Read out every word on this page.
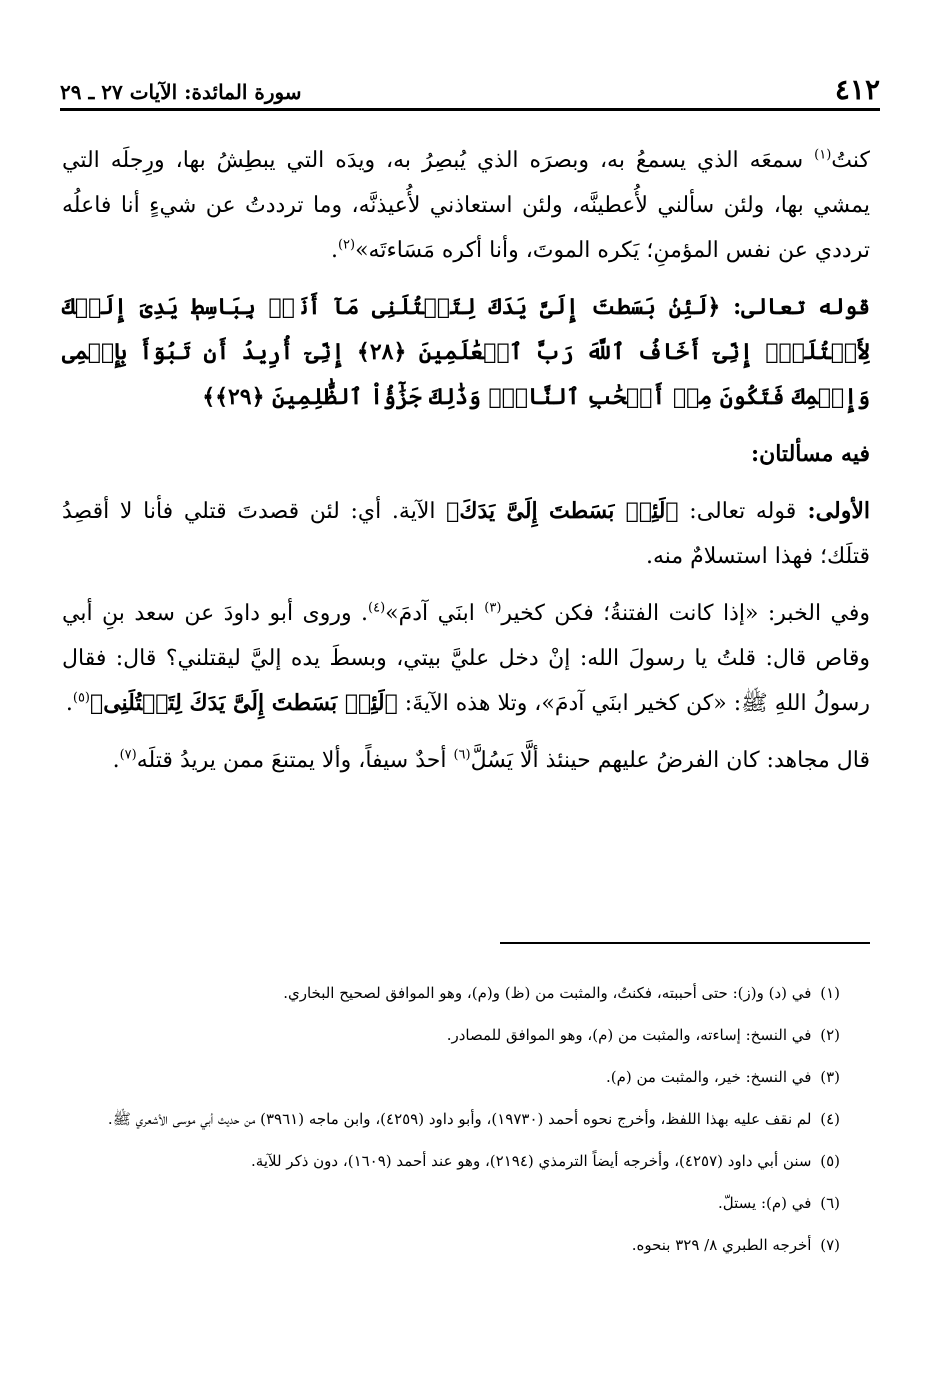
٤١٢
سورة المائدة: الآيات ٢٧ ـ ٢٩

كنتُ$^{(١)}$ سمعَه الذي يسمعُ به، وبصرَه الذي يُبصِرُ به، ويدَه التي يبطِشُ بها، ورِجلَه التي يمشي بها، ولئن سألني لأُعطينَّه، ولئن استعاذني لأُعيذنَّه، وما ترددتُ عن شيءٍ أنا فاعلُه ترددي عن نفس المؤمنِ؛ يَكره الموتَ، وأنا أكره مَسَاءتَه»$^{(٢)}$.

قوله تعالى: ﴿لَئِنۢ بَسَطتَ إِلَىَّ يَدَكَ لِتَقۡتُلَنِى مَآ أَنَا۠ بِبَاسِطٖ يَدِىَ إِلَيۡكَ لِأَقۡتُلَكَۖ إِنِّىٓ أَخَافُ ٱللَّهَ رَبَّ ٱلۡعَٰلَمِينَ ﴿٢٨﴾ إِنِّىٓ أُرِيدُ أَن تَبُوٓأَ بِإِثۡمِى وَإِثۡمِكَ فَتَكُونَ مِنۡ أَصۡحَٰبِ ٱلنَّارِۚ وَذَٰلِكَ جَزَٰٓؤُاْ ٱلظَّٰلِمِينَ ﴿٢٩﴾﴾

فيه مسألتان:

الأولى: قوله تعالى: ﴿لَئِنۢ بَسَطتَ إِلَىَّ يَدَكَ﴾ الآية. أي: لئن قصدتَ قتلي فأنا لا أقصِدُ قتلَك؛ فهذا استسلامٌ منه.

وفي الخبر: «إذا كانت الفتنةُ؛ فكن كخير$^{(٣)}$ ابنَي آدمَ»$^{(٤)}$. وروى أبو داودَ عن سعد بنِ أبي وقاص قال: قلتُ يا رسولَ الله: إنْ دخل عليَّ بيتي، وبسطَ يده إليَّ ليقتلني؟ قال: فقال رسولُ اللهِ ﷺ: «كن كخير ابنَي آدمَ»، وتلا هذه الآيةَ: ﴿لَئِنۢ بَسَطتَ إِلَىَّ يَدَكَ لِتَقۡتُلَنِى﴾$^{(٥)}$.

قال مجاهد: كان الفرضُ عليهم حينئذ ألَّا يَسُلَّ$^{(٦)}$ أحدٌ سيفاً، وألا يمتنعَ ممن يريدُ قتلَه$^{(٧)}$.

(١) في (د) و(ز): حتى أحببته، فكنتُ، والمثبت من (ظ) و(م)، وهو الموافق لصحيح البخاري.
(٢) في النسخ: إساءته، والمثبت من (م)، وهو الموافق للمصادر.
(٣) في النسخ: خير، والمثبت من (م).
(٤) لم نقف عليه بهذا اللفظ، وأخرج نحوه أحمد (١٩٧٣٠)، وأبو داود (٤٢٥٩)، وابن ماجه (٣٩٦١) من حديث أبي موسى الأشعري ﷺ.
(٥) سنن أبي داود (٤٢٥٧)، وأخرجه أيضاً الترمذي (٢١٩٤)، وهو عند أحمد (١٦٠٩)، دون ذكر للآية.
(٦) في (م): يستلّ.
(٧) أخرجه الطبري ٨/ ٣٢٩ بنحوه.
